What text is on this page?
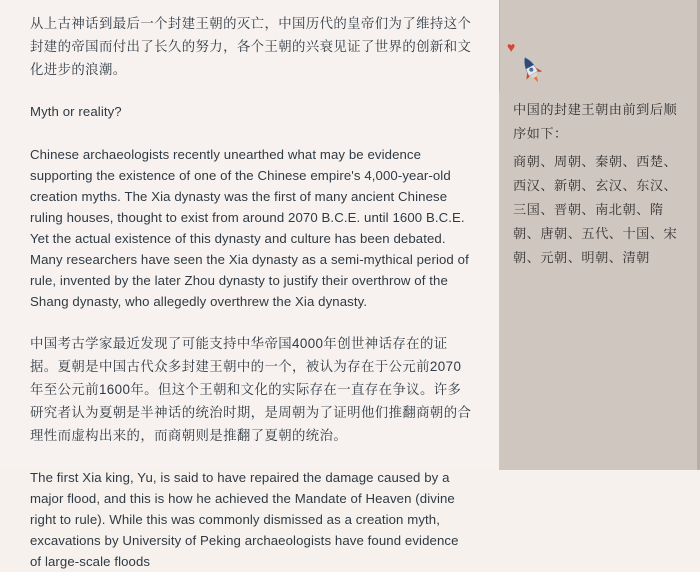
从上古神话到最后一个封建王朝的灭亡，中国历代的皇帝们为了维持这个封建的帝国而付出了长久的努力，各个王朝的兴衰见证了世界的创新和文化进步的浪潮。

Myth or reality?

Chinese archaeologists recently unearthed what may be evidence supporting the existence of one of the Chinese empire's 4,000-year-old creation myths. The Xia dynasty was the first of many ancient Chinese ruling houses, thought to exist from around 2070 B.C.E. until 1600 B.C.E. Yet the actual existence of this dynasty and culture has been debated. Many researchers have seen the Xia dynasty as a semi-mythical period of rule, invented by the later Zhou dynasty to justify their overthrow of the Shang dynasty, who allegedly overthrew the Xia dynasty.

中国考古学家最近发现了可能支持中华帝国4000年创世神话存在的证据。夏朝是中国古代众多封建王朝中的一个，被认为存在于公元前2070年至公元前1600年。但这个王朝和文化的实际存在一直存在争议。许多研究者认为夏朝是半神话的统治时期，是周朝为了证明他们推翻商朝的合理性而虚构出来的，而商朝则是推翻了夏朝的统治。

The first Xia king, Yu, is said to have repaired the damage caused by a major flood, and this is how he achieved the Mandate of Heaven (divine right to rule). While this was commonly dismissed as a creation myth, excavations by University of Peking archaeologists have found evidence of large-scale floods

♥

中国的封建王朝由前到后顺序如下：

商朝、周朝、秦朝、西楚、西汉、新朝、玄汉、东汉、三国、晋朝、南北朝、隋朝、唐朝、五代、十国、宋朝、元朝、明朝、清朝
